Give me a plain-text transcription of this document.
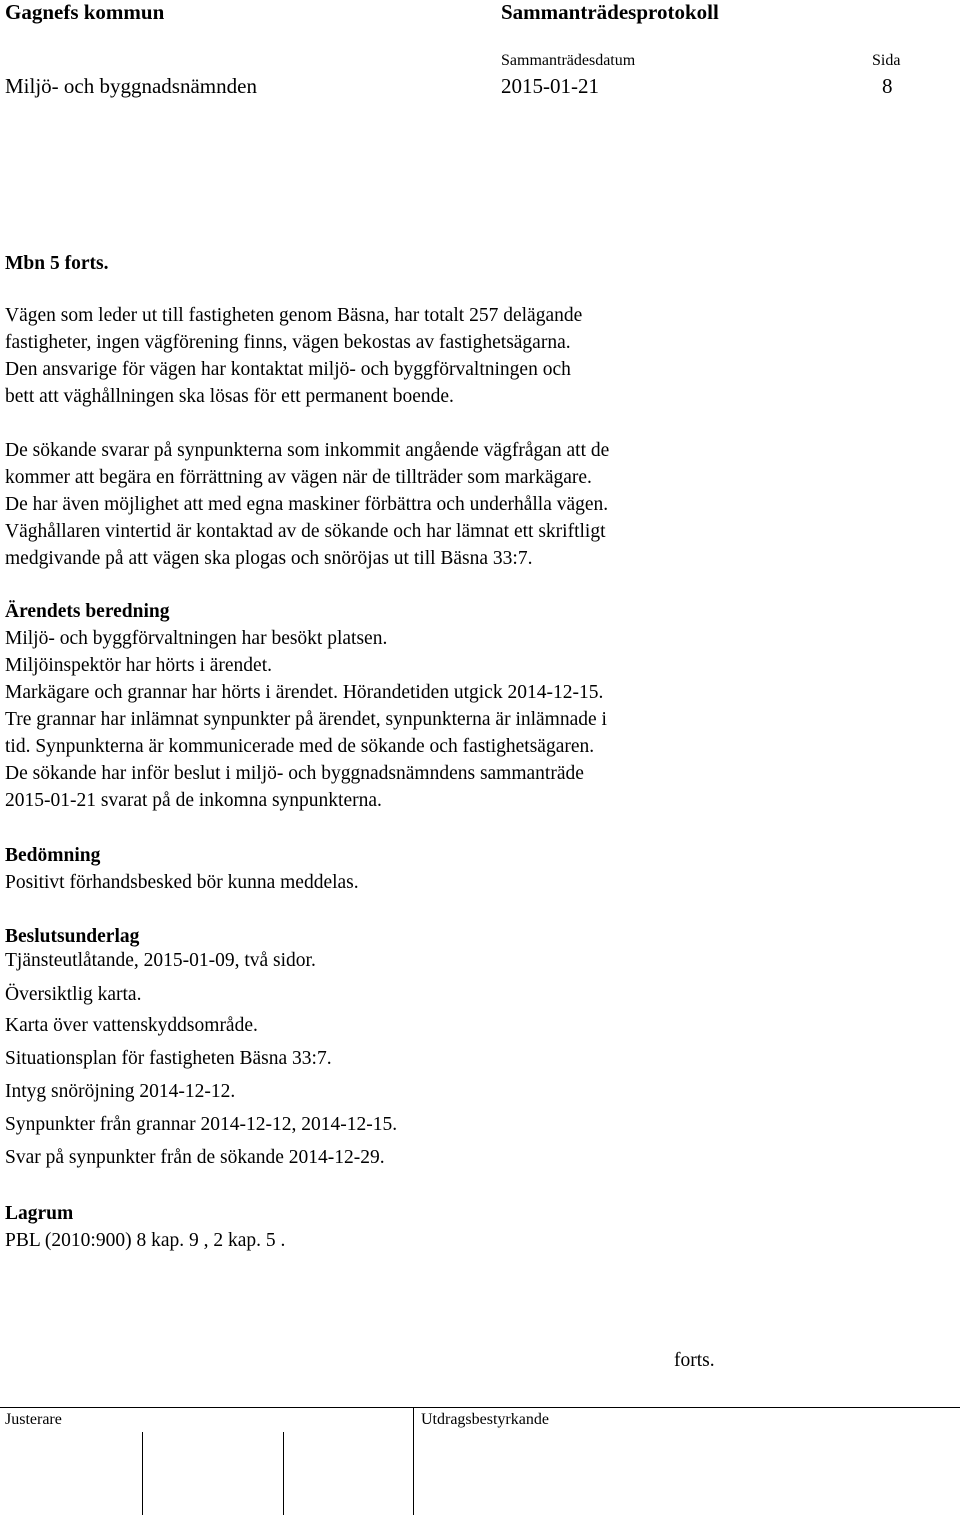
Gagnefs kommun	Sammanträdesprotokoll
Sammanträdesdatum	Sida
Miljö- och byggnadsnämnden	2015-01-21	8
Mbn 5 forts.
Vägen som leder ut till fastigheten genom Bäsna, har totalt 257 delägande
fastigheter, ingen vägförening finns, vägen bekostas av fastighetsägarna.
Den ansvarige för vägen har kontaktat miljö- och byggförvaltningen och
bett att väghållningen ska lösas för ett permanent boende.
De sökande svarar på synpunkterna som inkommit angående vägfrågan att de
kommer att begära en förrättning av vägen när de tillträder som markägare.
De har även möjlighet att med egna maskiner förbättra och underhålla vägen.
Väghållaren vintertid är kontaktad av de sökande och har lämnat ett skriftligt
medgivande på att vägen ska plogas och snöröjas ut till Bäsna 33:7.
Ärendets beredning
Miljö- och byggförvaltningen har besökt platsen.
Miljöinspektör har hörts i ärendet.
Markägare och grannar har hörts i ärendet. Hörandetiden utgick 2014-12-15.
Tre grannar har inlämnat synpunkter på ärendet, synpunkterna är inlämnade i
tid. Synpunkterna är kommunicerade med de sökande och fastighetsägaren.
De sökande har inför beslut i miljö- och byggnadsnämndens sammanträde
2015-01-21 svarat på de inkomna synpunkterna.
Bedömning
Positivt förhandsbesked bör kunna meddelas.
Beslutsunderlag
Tjänsteutlåtande, 2015-01-09, två sidor.
Översiktlig karta.
Karta över vattenskyddsområde.
Situationsplan för fastigheten Bäsna 33:7.
Intyg snöröjning 2014-12-12.
Synpunkter från grannar 2014-12-12, 2014-12-15.
Svar på synpunkter från de sökande 2014-12-29.
Lagrum
PBL (2010:900) 8 kap. 9 , 2 kap. 5 .
forts.
Justerare	Utdragsbestyrkande
